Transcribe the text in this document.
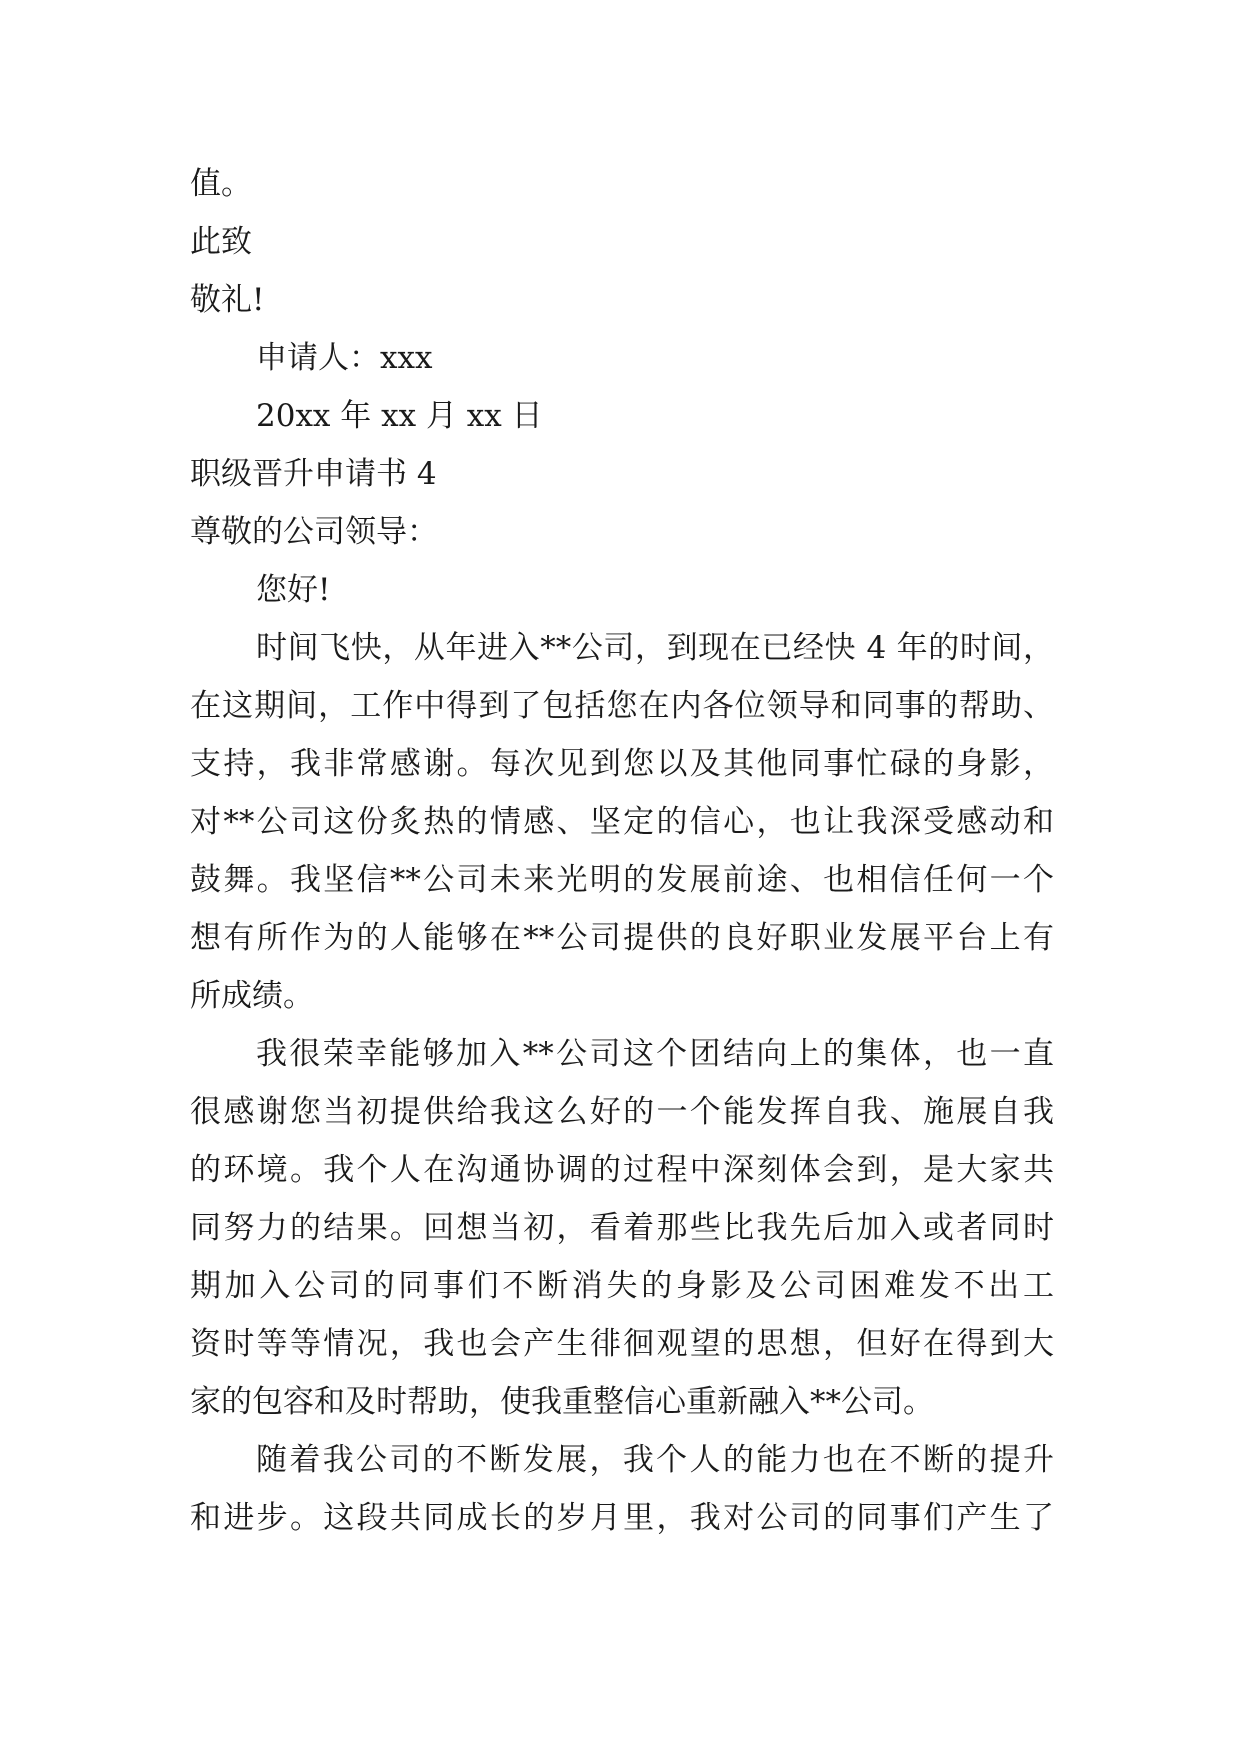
值。
此致
敬礼!
申请人：xxx
20xx 年 xx 月 xx 日
职级晋升申请书 4
尊敬的公司领导：
您好!
时间飞快，从年进入**公司，到现在已经快 4 年的时间，
在这期间，工作中得到了包括您在内各位领导和同事的帮助、
支持，我非常感谢。每次见到您以及其他同事忙碌的身影，
对**公司这份炙热的情感、坚定的信心，也让我深受感动和
鼓舞。我坚信**公司未来光明的发展前途、也相信任何一个
想有所作为的人能够在**公司提供的良好职业发展平台上有
所成绩。
我很荣幸能够加入**公司这个团结向上的集体，也一直
很感谢您当初提供给我这么好的一个能发挥自我、施展自我
的环境。我个人在沟通协调的过程中深刻体会到，是大家共
同努力的结果。回想当初，看着那些比我先后加入或者同时
期加入公司的同事们不断消失的身影及公司困难发不出工
资时等等情况，我也会产生徘徊观望的思想，但好在得到大
家的包容和及时帮助，使我重整信心重新融入**公司。
随着我公司的不断发展，我个人的能力也在不断的提升
和进步。这段共同成长的岁月里，我对公司的同事们产生了
